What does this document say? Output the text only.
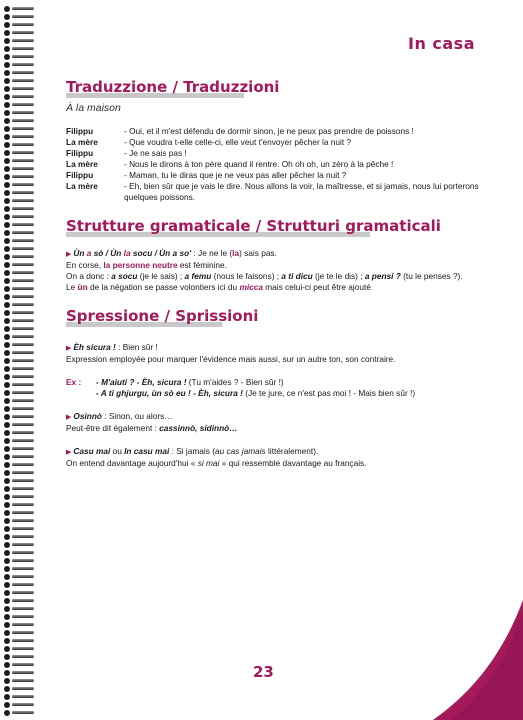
In casa
Traduzzione / Traduzzioni
À la maison
Filippu	- Oui, et il m'est défendu de dormir sinon, je ne peux pas prendre de poissons !
La mère	- Que voudra t-elle celle-ci, elle veut t'envoyer pêcher la nuit ?
Filippu	- Je ne sais pas !
La mère	- Nous le dirons à ton père quand il rentre. Oh oh oh, un zéro à la pêche !
Filippu	- Maman, tu le diras que je ne veux pas aller pêcher la nuit ?
La mère	- Eh, bien sûr que je vais le dire. Nous allons la voir, la maîtresse, et si jamais, nous lui porterons quelques poissons.
Strutture gramaticale / Strutturi gramaticali
▶ Ùn a sò / Ùn la socu / Ùn a so' : Je ne le (la) sais pas.
En corse, la personne neutre est féminine.
On a donc : a socu (je le sais) ; a femu (nous le faisons) ; a ti dicu (je te le dis) ; a pensi ? (tu le penses ?).
Le ùn de la négation se passe volontiers ici du micca mais celui-ci peut être ajouté.
Spressione / Sprissioni
▶ Èh sicura ! : Bien sûr !
Expression employée pour marquer l'évidence mais aussi, sur un autre ton, son contraire.
Ex :	- M'aiuti ? - Èh, sicura ! (Tu m'aides ? - Bien sûr !)
- A ti ghjurgu, ùn sò eu ! - Èh, sicura ! (Je te jure, ce n'est pas moi ! - Mais bien sûr !)
▶ Osinnò : Sinon, ou alors…
Peut-être dit également : cassinnò, sidinnò…
▶ Casu mai ou In casu mai : Si jamais (au cas jamais littéralement).
On entend davantage aujourd'hui « si mai » qui ressemble davantage au français.
23
